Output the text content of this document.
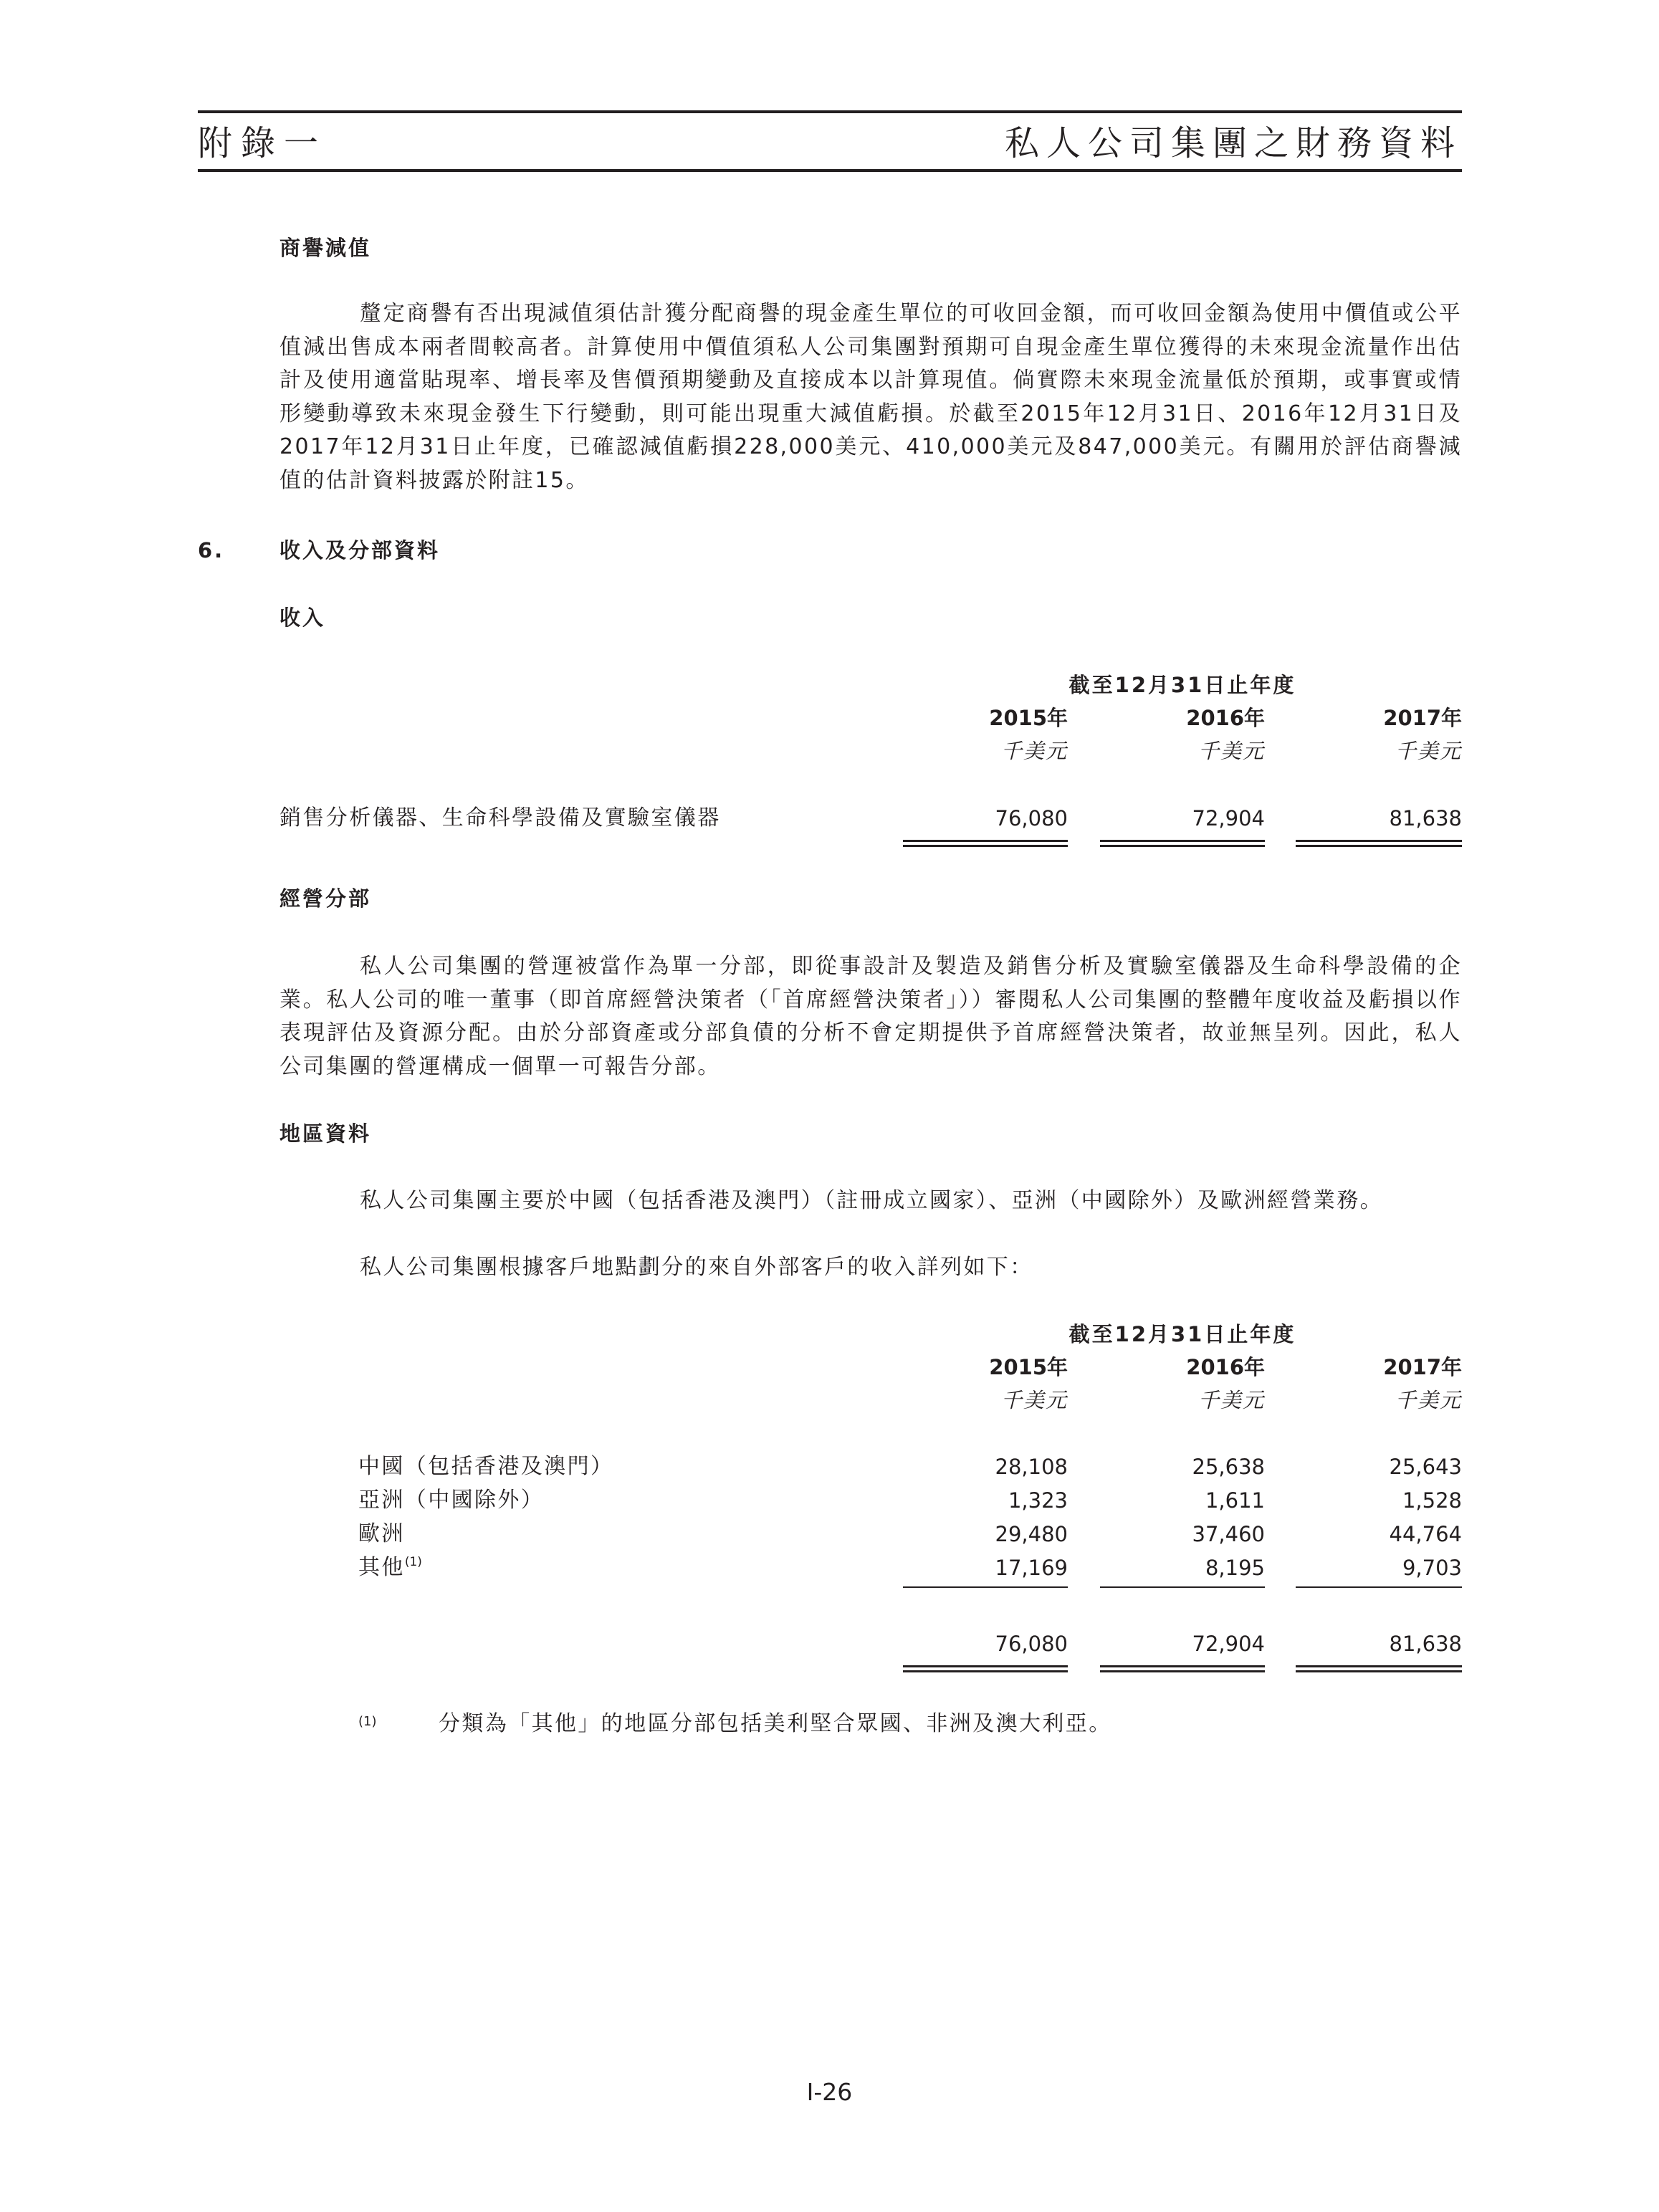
附錄一	私人公司集團之財務資料
商譽減值

釐定商譽有否出現減值須估計獲分配商譽的現金產生單位的可收回金額，而可收回金額為使用中價值或公平值減出售成本兩者間較高者。計算使用中價值須私人公司集團對預期可自現金產生單位獲得的未來現金流量作出估計及使用適當貼現率、增長率及售價預期變動及直接成本以計算現值。倘實際未來現金流量低於預期，或事實或情形變動導致未來現金發生下行變動，則可能出現重大減值虧損。於截至2015年12月31日、2016年12月31日及2017年12月31日止年度，已確認減值虧損228,000美元、410,000美元及847,000美元。有關用於評估商譽減值的估計資料披露於附註15。

6.	收入及分部資料
收入
截至12月31日止年度
2015年	2016年	2017年
千美元	千美元	千美元
銷售分析儀器、生命科學設備及實驗室儀器	76,080	72,904	81,638
經營分部

私人公司集團的營運被當作為單一分部，即從事設計及製造及銷售分析及實驗室儀器及生命科學設備的企業。私人公司的唯一董事（即首席經營決策者（「首席經營決策者」））審閱私人公司集團的整體年度收益及虧損以作表現評估及資源分配。由於分部資產或分部負債的分析不會定期提供予首席經營決策者，故並無呈列。因此，私人公司集團的營運構成一個單一可報告分部。

地區資料
私人公司集團主要於中國（包括香港及澳門）（註冊成立國家）、亞洲（中國除外）及歐洲經營業務。
私人公司集團根據客戶地點劃分的來自外部客戶的收入詳列如下：
截至12月31日止年度
2015年	2016年	2017年
千美元	千美元	千美元
中國（包括香港及澳門）	28,108	25,638	25,643
亞洲（中國除外）	1,323	1,611	1,528
歐洲	29,480	37,460	44,764
其他$^{(1)}$	17,169	8,195	9,703
76,080	72,904	81,638
(1)	分類為「其他」的地區分部包括美利堅合眾國、非洲及澳大利亞。
I-26
